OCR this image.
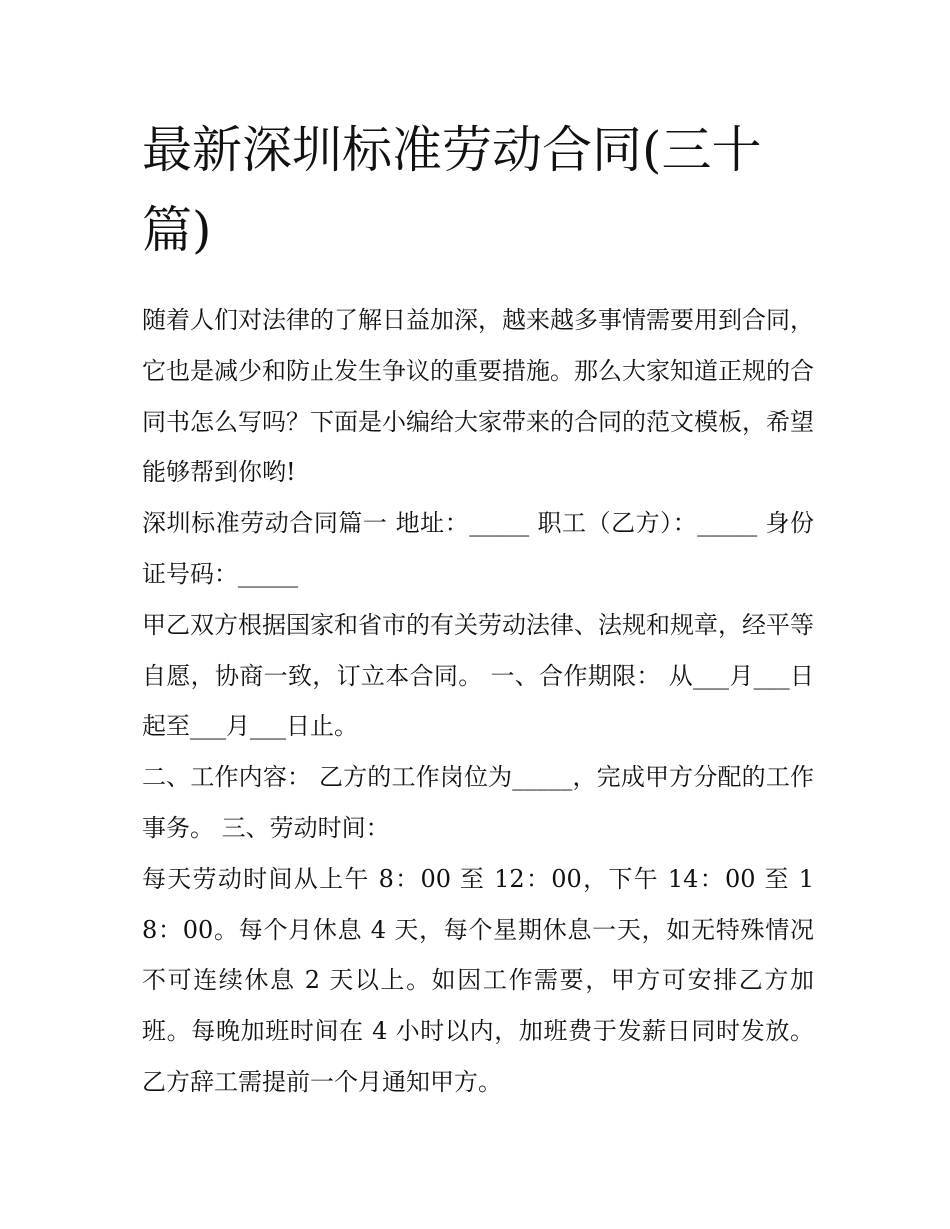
最新深圳标准劳动合同(三十篇)

随着人们对法律的了解日益加深，越来越多事情需要用到合同，它也是减少和防止发生争议的重要措施。那么大家知道正规的合同书怎么写吗？下面是小编给大家带来的合同的范文模板，希望能够帮到你哟!

深圳标准劳动合同篇一 地址：_____ 职工（乙方）：_____ 身份证号码：_____

甲乙双方根据国家和省市的有关劳动法律、法规和规章，经平等自愿，协商一致，订立本合同。 一、合作期限： 从___月___日起至___月___日止。

二、工作内容： 乙方的工作岗位为_____，完成甲方分配的工作事务。 三、劳动时间：

每天劳动时间从上午 8：00 至 12：00，下午 14：00 至 18：00。每个月休息 4 天，每个星期休息一天，如无特殊情况不可连续休息 2 天以上。如因工作需要，甲方可安排乙方加班。每晚加班时间在 4 小时以内，加班费于发薪日同时发放。乙方辞工需提前一个月通知甲方。
